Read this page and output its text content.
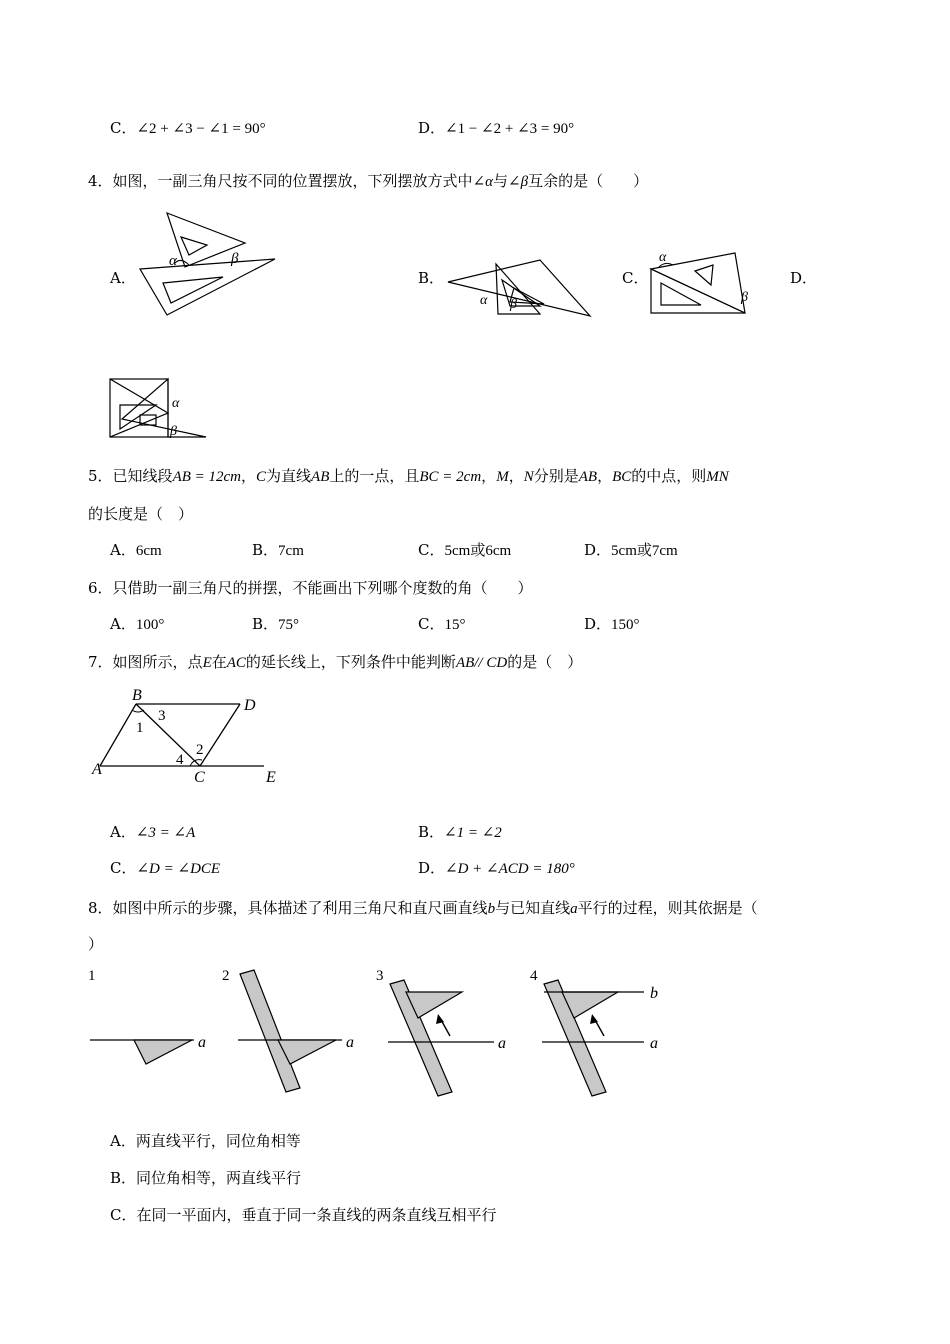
C．∠2 + ∠3 − ∠1 = 90°	D．∠1 − ∠2 + ∠3 = 90°
4．如图，一副三角尺按不同的位置摆放，下列摆放方式中∠α与∠β互余的是（　　）
A．
α	β
B．
α β
C．
α
β
D．
α
β
5．已知线段AB = 12cm，C为直线AB上的一点，且BC = 2cm，M，N分别是AB，BC的中点，则MN
的长度是（　）
A．6cm	B．7cm	C．5cm或6cm	D．5cm或7cm
6．只借助一副三角尺的拼摆，不能画出下列哪个度数的角（　　）
A．100°	B．75°	C．15°	D．150°
7．如图所示，点E在AC的延长线上，下列条件中能判断AB// CD的是（　）
A
B
C
D
E
1
3
4
2
A．∠3 = ∠A	B．∠1 = ∠2
C．∠D = ∠DCE	D．∠D + ∠ACD = 180°
8．如图中所示的步骤，具体描述了利用三角尺和直尺画直线b与已知直线a平行的过程，则其依据是（
）
1
a
2
a
3
a
4
b
a
A．两直线平行，同位角相等
B．同位角相等，两直线平行
C．在同一平面内，垂直于同一条直线的两条直线互相平行
